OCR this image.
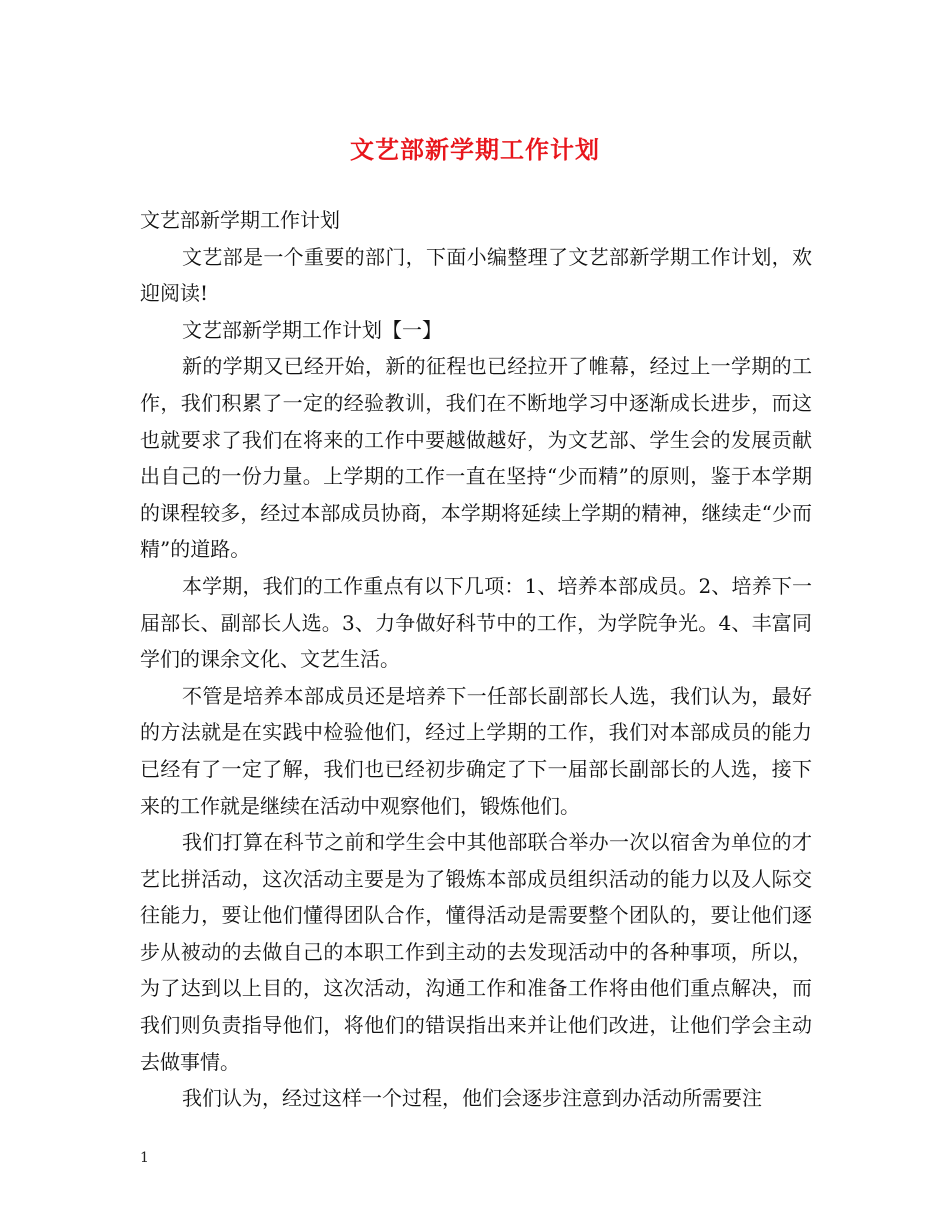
文艺部新学期工作计划

文艺部新学期工作计划

文艺部是一个重要的部门，下面小编整理了文艺部新学期工作计划，欢迎阅读!

文艺部新学期工作计划【一】

新的学期又已经开始，新的征程也已经拉开了帷幕，经过上一学期的工作，我们积累了一定的经验教训，我们在不断地学习中逐渐成长进步，而这也就要求了我们在将来的工作中要越做越好，为文艺部、学生会的发展贡献出自己的一份力量。上学期的工作一直在坚持“少而精”的原则，鉴于本学期的课程较多，经过本部成员协商，本学期将延续上学期的精神，继续走“少而精”的道路。

本学期，我们的工作重点有以下几项：1、培养本部成员。2、培养下一届部长、副部长人选。3、力争做好科节中的工作，为学院争光。4、丰富同学们的课余文化、文艺生活。

不管是培养本部成员还是培养下一任部长副部长人选，我们认为，最好的方法就是在实践中检验他们，经过上学期的工作，我们对本部成员的能力已经有了一定了解，我们也已经初步确定了下一届部长副部长的人选，接下来的工作就是继续在活动中观察他们，锻炼他们。

我们打算在科节之前和学生会中其他部联合举办一次以宿舍为单位的才艺比拼活动，这次活动主要是为了锻炼本部成员组织活动的能力以及人际交往能力，要让他们懂得团队合作，懂得活动是需要整个团队的，要让他们逐步从被动的去做自己的本职工作到主动的去发现活动中的各种事项，所以，为了达到以上目的，这次活动，沟通工作和准备工作将由他们重点解决，而我们则负责指导他们，将他们的错误指出来并让他们改进，让他们学会主动去做事情。

我们认为，经过这样一个过程，他们会逐步注意到办活动所需要注

1
